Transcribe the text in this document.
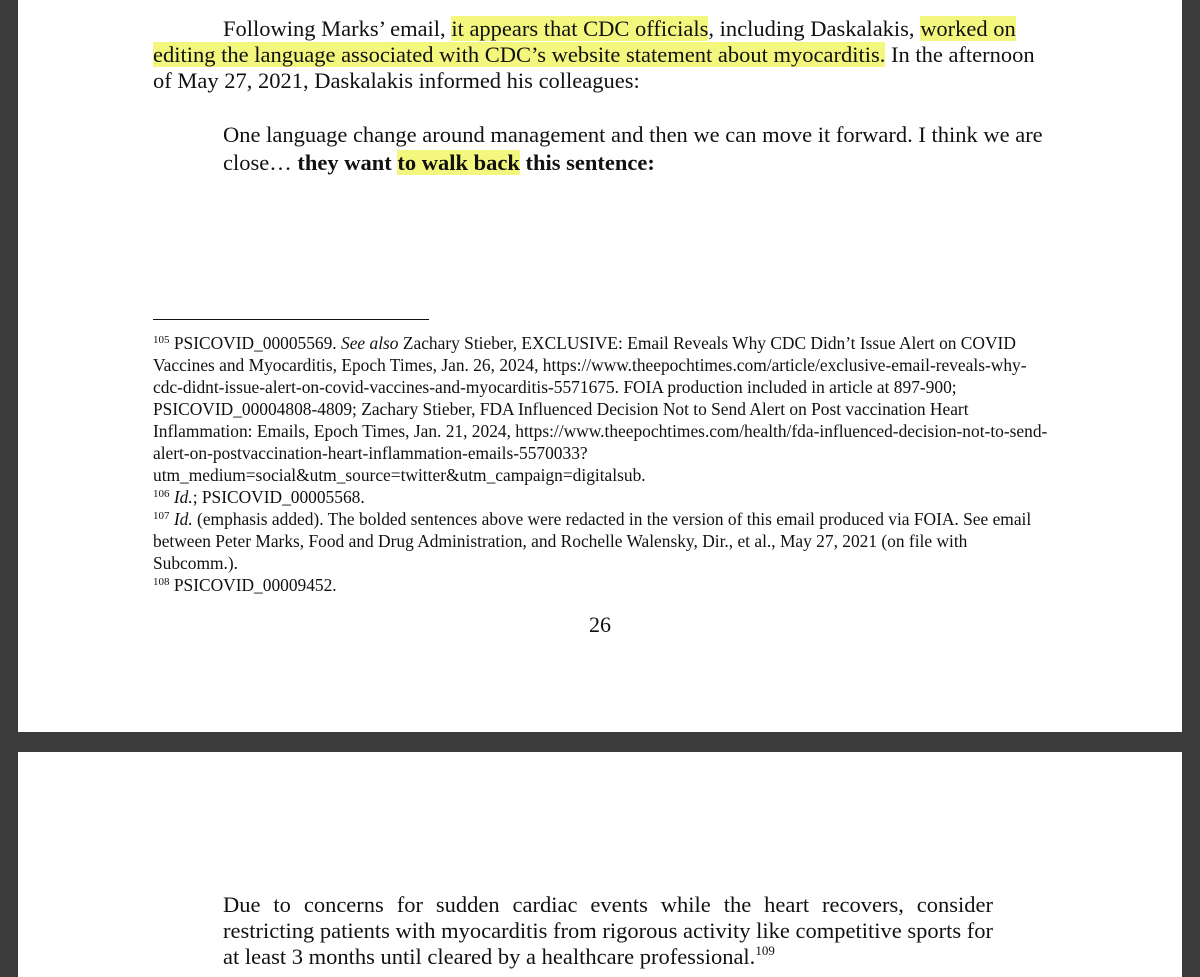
Following Marks’ email, it appears that CDC officials, including Daskalakis, worked on editing the language associated with CDC’s website statement about myocarditis. In the afternoon of May 27, 2021, Daskalakis informed his colleagues:

One language change around management and then we can move it forward. I think we are close… they want to walk back this sentence:

$^{105}$ PSICOVID_00005569. See also Zachary Stieber, EXCLUSIVE: Email Reveals Why CDC Didn’t Issue Alert on COVID Vaccines and Myocarditis, Epoch Times, Jan. 26, 2024, https://www.theepochtimes.com/article/exclusive-email-reveals-why-cdc-didnt-issue-alert-on-covid-vaccines-and-myocarditis-5571675. FOIA production included in article at 897-900; PSICOVID_00004808-4809; Zachary Stieber, FDA Influenced Decision Not to Send Alert on Post vaccination Heart Inflammation: Emails, Epoch Times, Jan. 21, 2024, https://www.theepochtimes.com/health/fda-influenced-decision-not-to-send-alert-on-postvaccination-heart-inflammation-emails-5570033?utm_medium=social&utm_source=twitter&utm_campaign=digitalsub.

$^{106}$ Id.; PSICOVID_00005568.

$^{107}$ Id. (emphasis added). The bolded sentences above were redacted in the version of this email produced via FOIA. See email between Peter Marks, Food and Drug Administration, and Rochelle Walensky, Dir., et al., May 27, 2021 (on file with Subcomm.).

$^{108}$ PSICOVID_00009452.

26

Due to concerns for sudden cardiac events while the heart recovers, consider restricting patients with myocarditis from rigorous activity like competitive sports for at least 3 months until cleared by a healthcare professional.$^{109}$
